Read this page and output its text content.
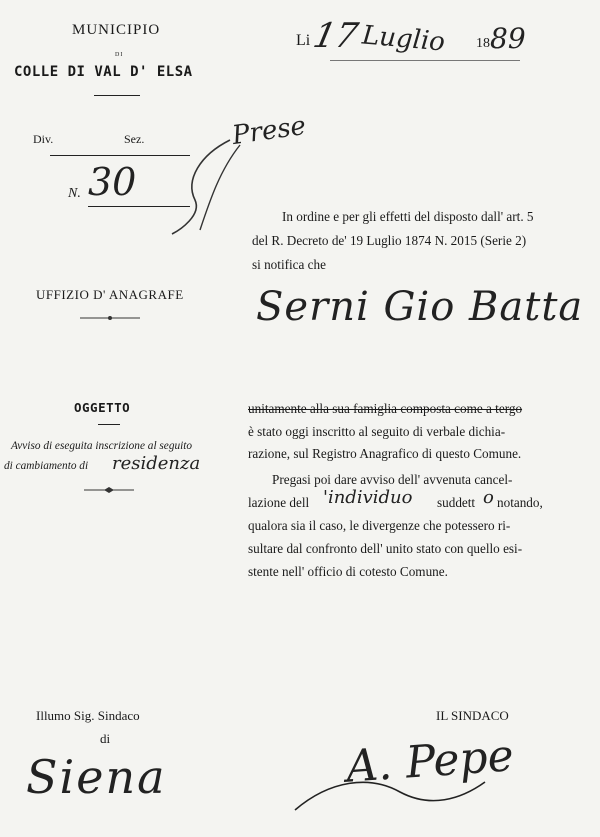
MUNICIPIO
DI
COLLE DI VAL D' ELSA
Li 17 Luglio 18 89
Div.	Sez.
N. 30
Prese
UFFIZIO D' ANAGRAFE
In ordine e per gli effetti del disposto dall' art. 5
del R. Decreto de' 19 Luglio 1874 N. 2015 (Serie 2)
si notifica che
Serni Gio Batta
OGGETTO
Avviso di eseguita inscrizione al seguito
di cambiamento di residenza
unitamente alla sua famiglia composta come a tergo
è stato oggi inscritto al seguito di verbale dichia-
razione, sul Registro Anagrafico di questo Comune.
Pregasi poi dare avviso dell' avvenuta cancel-
lazione dell 'individuo suddett o notando,
qualora sia il caso, le divergenze che potessero ri-
sultare dal confronto dell' unito stato con quello esi-
stente nell' officio di cotesto Comune.
Illumo Sig. Sindaco
di
Siena
IL SINDACO
A. Pepe
